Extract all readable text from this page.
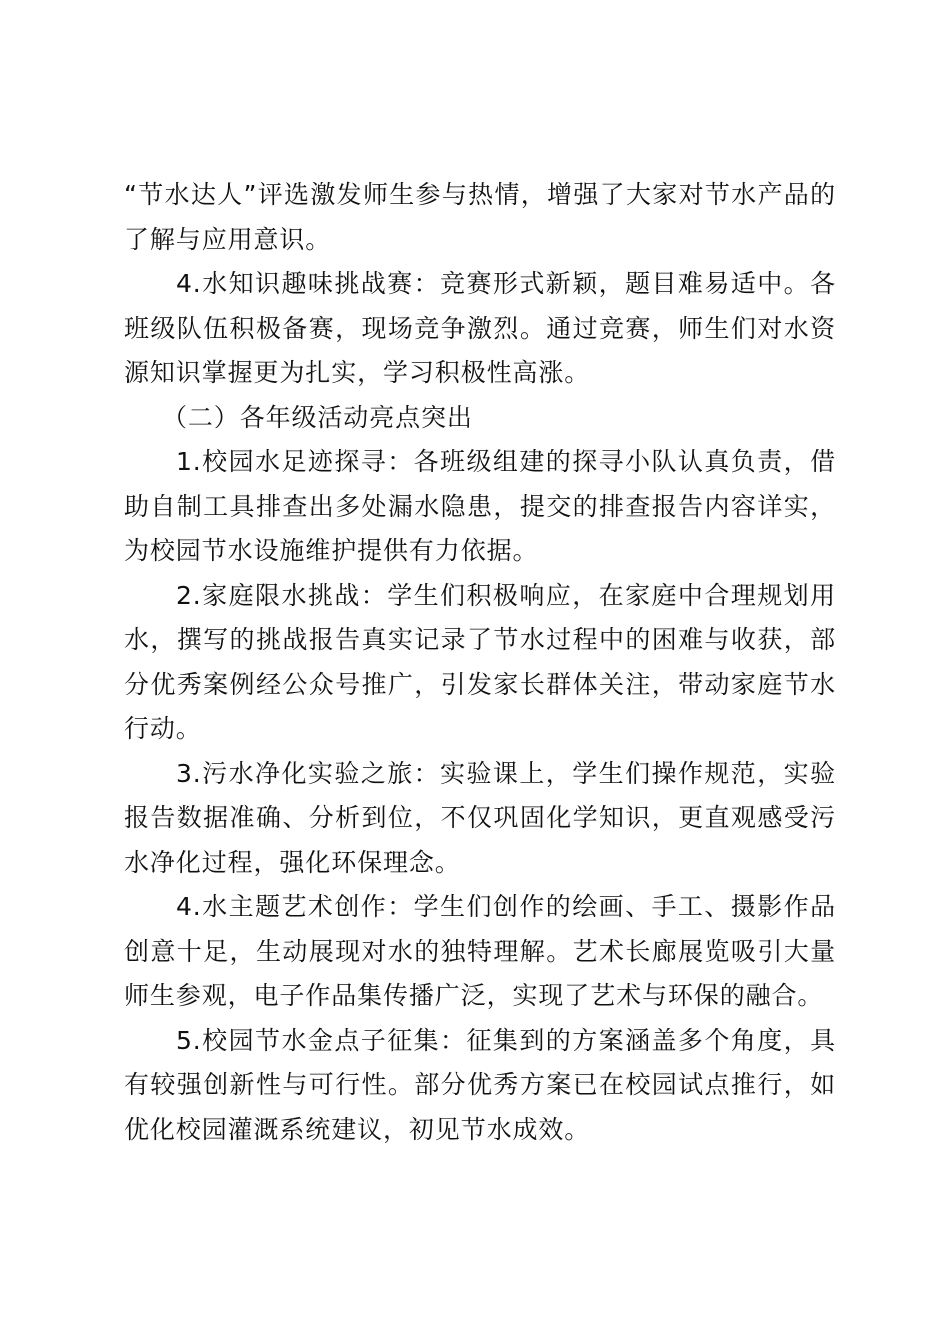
“节水达人”评选激发师生参与热情，增强了大家对节水产品的了解与应用意识。

4.水知识趣味挑战赛：竞赛形式新颖，题目难易适中。各班级队伍积极备赛，现场竞争激烈。通过竞赛，师生们对水资源知识掌握更为扎实，学习积极性高涨。

（二）各年级活动亮点突出

1.校园水足迹探寻：各班级组建的探寻小队认真负责，借助自制工具排查出多处漏水隐患，提交的排查报告内容详实，为校园节水设施维护提供有力依据。

2.家庭限水挑战：学生们积极响应，在家庭中合理规划用水，撰写的挑战报告真实记录了节水过程中的困难与收获，部分优秀案例经公众号推广，引发家长群体关注，带动家庭节水行动。

3.污水净化实验之旅：实验课上，学生们操作规范，实验报告数据准确、分析到位，不仅巩固化学知识，更直观感受污水净化过程，强化环保理念。

4.水主题艺术创作：学生们创作的绘画、手工、摄影作品创意十足，生动展现对水的独特理解。艺术长廊展览吸引大量师生参观，电子作品集传播广泛，实现了艺术与环保的融合。

5.校园节水金点子征集：征集到的方案涵盖多个角度，具有较强创新性与可行性。部分优秀方案已在校园试点推行，如优化校园灌溉系统建议，初见节水成效。
